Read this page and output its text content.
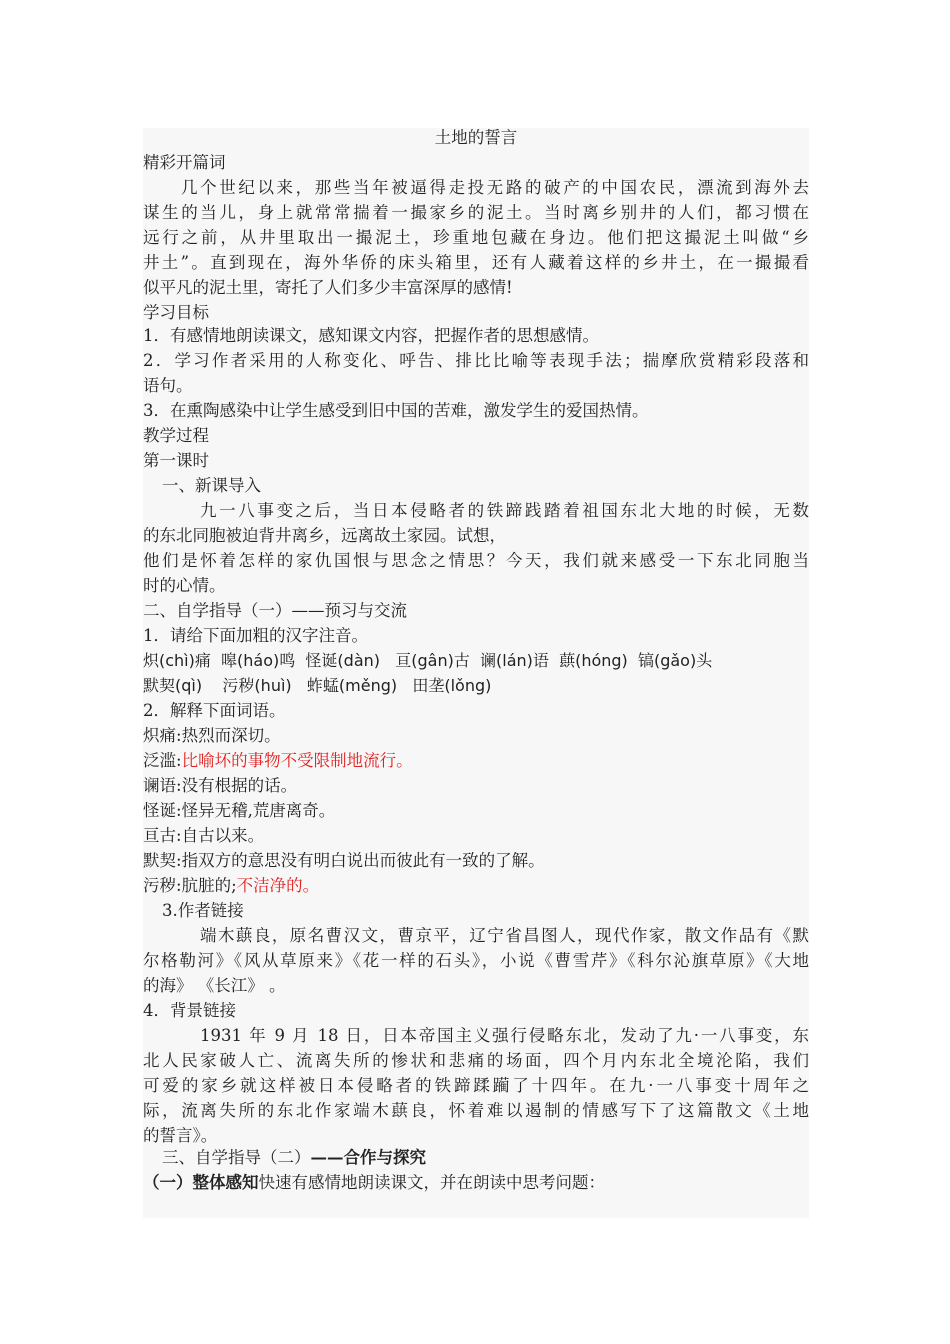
土地的誓言
精彩开篇词
几个世纪以来，那些当年被逼得走投无路的破产的中国农民，漂流到海外去
谋生的当儿，身上就常常揣着一撮家乡的泥土。当时离乡别井的人们，都习惯在
远行之前，从井里取出一撮泥土，珍重地包藏在身边。他们把这撮泥土叫做“乡
井土”。直到现在，海外华侨的床头箱里，还有人藏着这样的乡井土，在一撮撮看
似平凡的泥土里，寄托了人们多少丰富深厚的感情!
学习目标
1．有感情地朗读课文，感知课文内容，把握作者的思想感情。
2．学习作者采用的人称变化、呼告、排比比喻等表现手法；揣摩欣赏精彩段落和
语句。
3．在熏陶感染中让学生感受到旧中国的苦难，激发学生的爱国热情。
教学过程
第一课时
一、新课导入
九一八事变之后，当日本侵略者的铁蹄践踏着祖国东北大地的时候，无数
的东北同胞被迫背井离乡，远离故土家园。试想，
他们是怀着怎样的家仇国恨与思念之情思？今天，我们就来感受一下东北同胞当
时的心情。
二、自学指导（一）——预习与交流
1．请给下面加粗的汉字注音。
炽(chì)痛  嗥(háo)鸣  怪诞(dàn)   亘(gân)古  谰(lán)语  蕻(hóng)  镐(gǎo)头
默契(qì)    污秽(huì)   蚱蜢(měng)   田垄(lǒng)
2．解释下面词语。
炽痛:热烈而深切。
泛滥:比喻坏的事物不受限制地流行。
谰语:没有根据的话。
怪诞:怪异无稽,荒唐离奇。
亘古:自古以来。
默契:指双方的意思没有明白说出而彼此有一致的了解。
污秽:肮脏的;不洁净的。
3.作者链接
端木蕻良，原名曹汉文，曹京平，辽宁省昌图人，现代作家，散文作品有《默
尔格勒河》《风从草原来》《花一样的石头》，小说《曹雪芹》《科尔沁旗草原》《大地
的海》 《长江》 。
4．背景链接
1931 年 9 月 18 日，日本帝国主义强行侵略东北，发动了九·一八事变，东
北人民家破人亡、流离失所的惨状和悲痛的场面，四个月内东北全境沦陷，我们
可爱的家乡就这样被日本侵略者的铁蹄蹂躏了十四年。在九·一八事变十周年之
际，流离失所的东北作家端木蕻良，怀着难以遏制的情感写下了这篇散文《土地
的誓言》。
三、自学指导（二）——合作与探究
（一）整体感知快速有感情地朗读课文，并在朗读中思考问题：
